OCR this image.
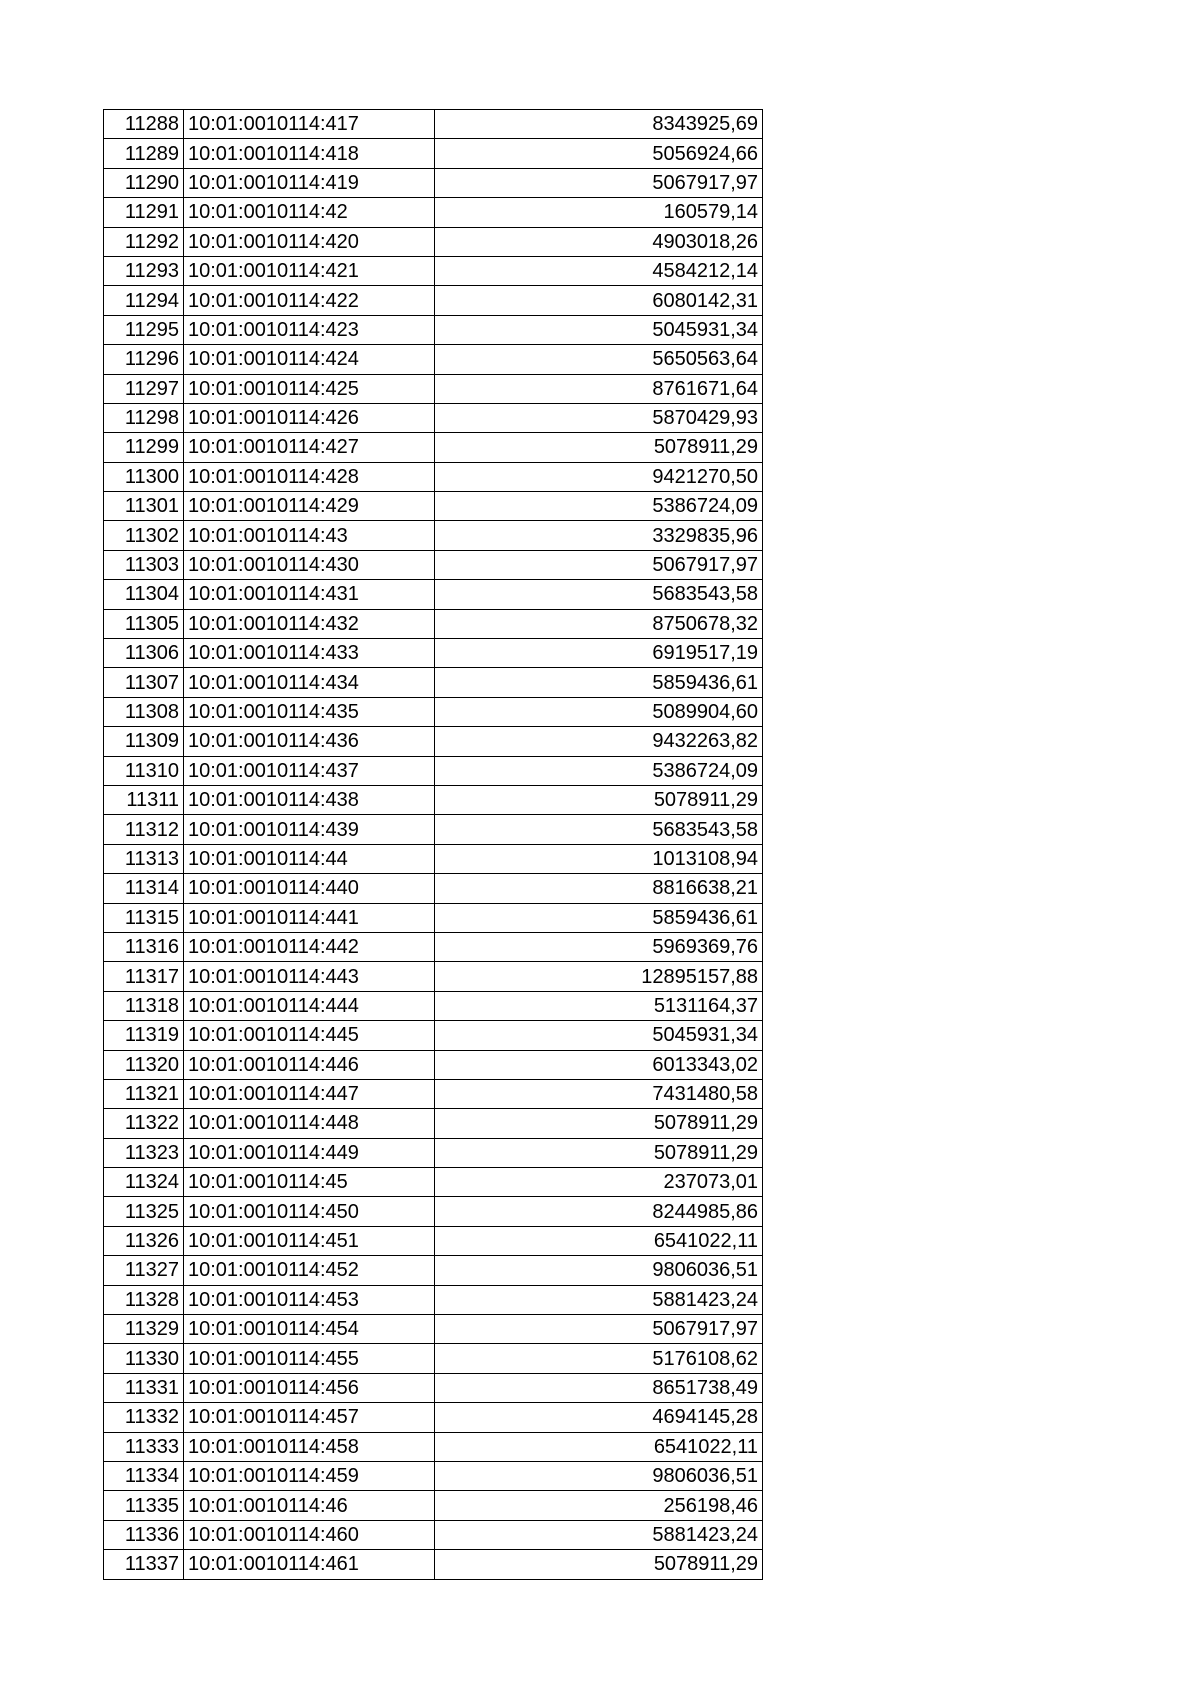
11288	10:01:0010114:417	8343925,69
11289	10:01:0010114:418	5056924,66
11290	10:01:0010114:419	5067917,97
11291	10:01:0010114:42	160579,14
11292	10:01:0010114:420	4903018,26
11293	10:01:0010114:421	4584212,14
11294	10:01:0010114:422	6080142,31
11295	10:01:0010114:423	5045931,34
11296	10:01:0010114:424	5650563,64
11297	10:01:0010114:425	8761671,64
11298	10:01:0010114:426	5870429,93
11299	10:01:0010114:427	5078911,29
11300	10:01:0010114:428	9421270,50
11301	10:01:0010114:429	5386724,09
11302	10:01:0010114:43	3329835,96
11303	10:01:0010114:430	5067917,97
11304	10:01:0010114:431	5683543,58
11305	10:01:0010114:432	8750678,32
11306	10:01:0010114:433	6919517,19
11307	10:01:0010114:434	5859436,61
11308	10:01:0010114:435	5089904,60
11309	10:01:0010114:436	9432263,82
11310	10:01:0010114:437	5386724,09
11311	10:01:0010114:438	5078911,29
11312	10:01:0010114:439	5683543,58
11313	10:01:0010114:44	1013108,94
11314	10:01:0010114:440	8816638,21
11315	10:01:0010114:441	5859436,61
11316	10:01:0010114:442	5969369,76
11317	10:01:0010114:443	12895157,88
11318	10:01:0010114:444	5131164,37
11319	10:01:0010114:445	5045931,34
11320	10:01:0010114:446	6013343,02
11321	10:01:0010114:447	7431480,58
11322	10:01:0010114:448	5078911,29
11323	10:01:0010114:449	5078911,29
11324	10:01:0010114:45	237073,01
11325	10:01:0010114:450	8244985,86
11326	10:01:0010114:451	6541022,11
11327	10:01:0010114:452	9806036,51
11328	10:01:0010114:453	5881423,24
11329	10:01:0010114:454	5067917,97
11330	10:01:0010114:455	5176108,62
11331	10:01:0010114:456	8651738,49
11332	10:01:0010114:457	4694145,28
11333	10:01:0010114:458	6541022,11
11334	10:01:0010114:459	9806036,51
11335	10:01:0010114:46	256198,46
11336	10:01:0010114:460	5881423,24
11337	10:01:0010114:461	5078911,29
